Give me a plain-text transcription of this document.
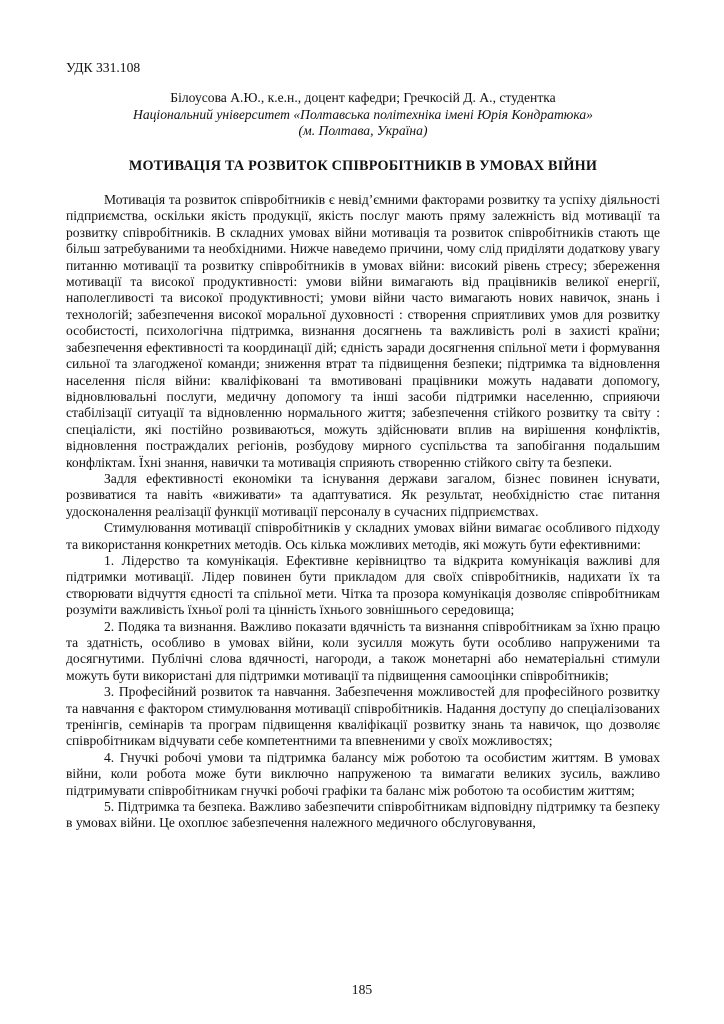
УДК 331.108
Білоусова А.Ю., к.е.н., доцент кафедри; Гречкосій Д. А., студентка
Національний університет «Полтавська політехніка імені Юрія Кондратюка»
(м. Полтава, Україна)
МОТИВАЦІЯ ТА РОЗВИТОК СПІВРОБІТНИКІВ В УМОВАХ ВІЙНИ

Мотивація та розвиток співробітників є невід’ємними факторами розвитку та успіху діяльності підприємства, оскільки якість продукції, якість послуг мають пряму залежність від мотивації та розвитку співробітників. В складних умовах війни мотивація та розвиток співробітників стають ще більш затребуваними та необхідними. Нижче наведемо причини, чому слід приділяти додаткову увагу питанню мотивації та розвитку співробітників в умовах війни: високий рівень стресу; збереження мотивації та високої продуктивності: умови війни вимагають від працівників великої енергії, наполегливості та високої продуктивності; умови війни часто вимагають нових навичок, знань і технологій; забезпечення високої моральної духовності : створення сприятливих умов для розвитку особистості, психологічна підтримка, визнання досягнень та важливість ролі в захисті країни; забезпечення ефективності та координації дій; єдність заради досягнення спільної мети і формування сильної та злагодженої команди; зниження втрат та підвищення безпеки; підтримка та відновлення населення після війни: кваліфіковані та вмотивовані працівники можуть надавати допомогу, відновлювальні послуги, медичну допомогу та інші засоби підтримки населенню, сприяючи стабілізації ситуації та відновленню нормального життя; забезпечення стійкого розвитку та світу : спеціалісти, які постійно розвиваються, можуть здійснювати вплив на вирішення конфліктів, відновлення постраждалих регіонів, розбудову мирного суспільства та запобігання подальшим конфліктам. Їхні знання, навички та мотивація сприяють створенню стійкого світу та безпеки.

Задля ефективності економіки та існування держави загалом, бізнес повинен існувати, розвиватися та навіть «виживати» та адаптуватися. Як результат, необхідністю стає питання удосконалення реалізації функції мотивації персоналу в сучасних підприємствах.

Стимулювання мотивації співробітників у складних умовах війни вимагає особливого підходу та використання конкретних методів. Ось кілька можливих методів, які можуть бути ефективними:

1. Лідерство та комунікація. Ефективне керівництво та відкрита комунікація важливі для підтримки мотивації. Лідер повинен бути прикладом для своїх співробітників, надихати їх та створювати відчуття єдності та спільної мети. Чітка та прозора комунікація дозволяє співробітникам розуміти важливість їхньої ролі та цінність їхнього зовнішнього середовища;

2. Подяка та визнання. Важливо показати вдячність та визнання співробітникам за їхню працю та здатність, особливо в умовах війни, коли зусилля можуть бути особливо напруженими та досягнутими. Публічні слова вдячності, нагороди, а також монетарні або нематеріальні стимули можуть бути використані для підтримки мотивації та підвищення самооцінки співробітників;

3. Професійний розвиток та навчання. Забезпечення можливостей для професійного розвитку та навчання є фактором стимулювання мотивації співробітників. Надання доступу до спеціалізованих тренінгів, семінарів та програм підвищення кваліфікації розвитку знань та навичок, що дозволяє співробітникам відчувати себе компетентними та впевненими у своїх можливостях;

4. Гнучкі робочі умови та підтримка балансу між роботою та особистим життям. В умовах війни, коли робота може бути виключно напруженою та вимагати великих зусиль, важливо підтримувати співробітникам гнучкі робочі графіки та баланс між роботою та особистим життям;

5. Підтримка та безпека. Важливо забезпечити співробітникам відповідну підтримку та безпеку в умовах війни. Це охоплює забезпечення належного медичного обслуговування,

185
